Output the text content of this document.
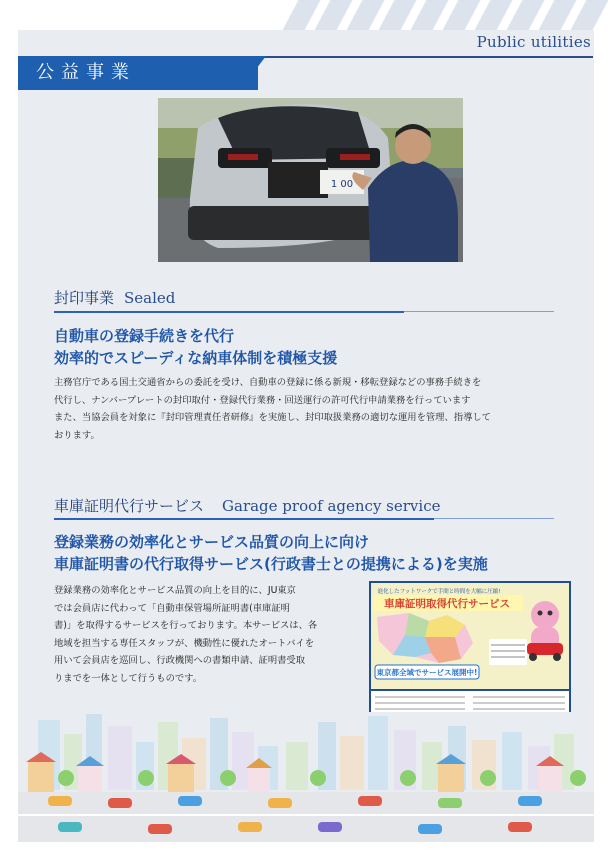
Public utilities
公益事業
1 00
封印事業 Sealed
自動車の登録手続きを代行
効率的でスピーディな納車体制を積極支援
主務官庁である国土交通省からの委託を受け、自動車の登録に係る新規・移転登録などの事務手続きを
代行し、ナンバープレートの封印取付・登録代行業務・回送運行の許可代行申請業務を行っています
また、当協会員を対象に『封印管理責任者研修』を実施し、封印取扱業務の適切な運用を管理、指導して
おります。
車庫証明代行サービス Garage proof agency service
登録業務の効率化とサービス品質の向上に向け
車庫証明書の代行取得サービス(行政書士との提携による)を実施
登録業務の効率化とサービス品質の向上を目的に、JU東京
では会員店に代わって「自動車保管場所証明書(車庫証明
書)」を取得するサービスを行っております。本サービスは、各
地域を担当する専任スタッフが、機動性に優れたオートバイを
用いて会員店を巡回し、行政機関への書類申請、証明書受取
りまでを一体として行うものです。
進化したフットワークで手間と時間を大幅に圧縮!
車庫証明取得代行サービス
東京都全域でサービス展開中!
